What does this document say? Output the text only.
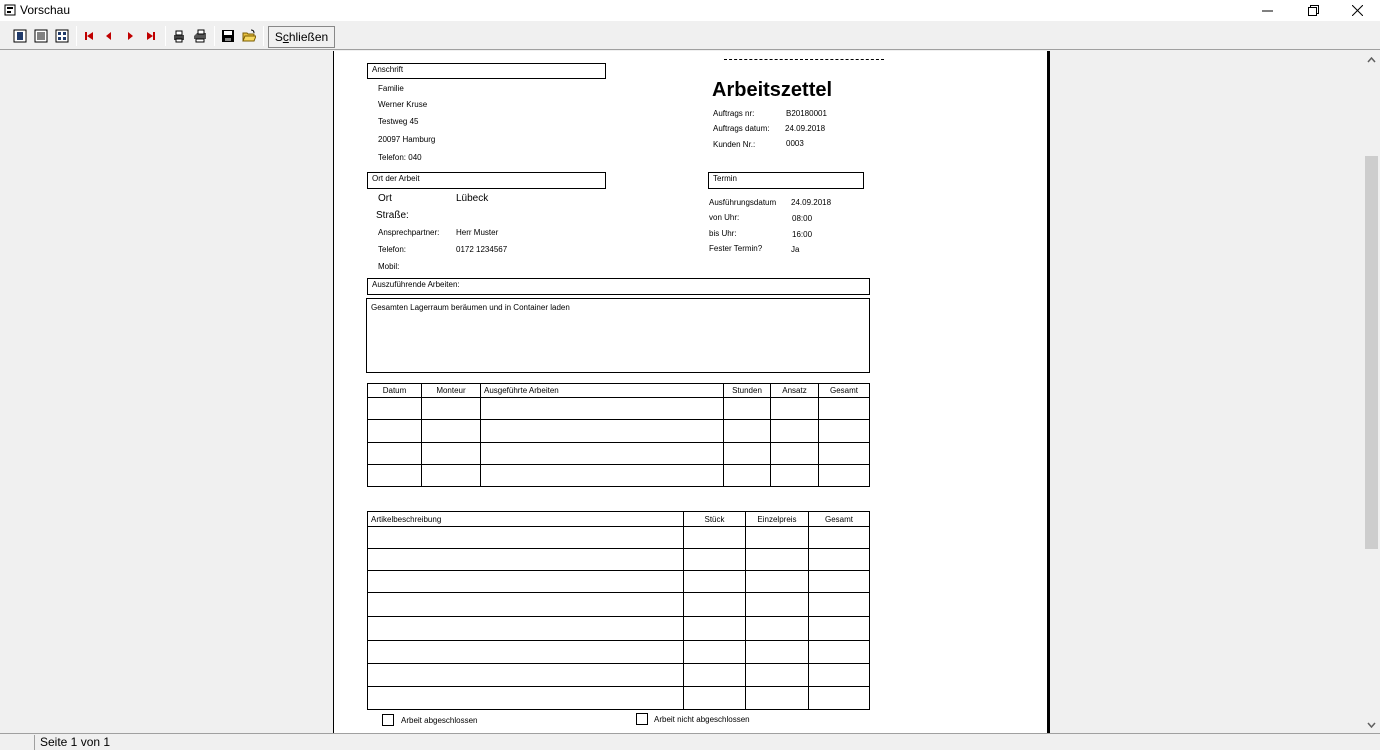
Vorschau
S c hließen
Anschrift
Familie
Werner Kruse
Testweg 45
20097 Hamburg
Telefon: 040
Arbeitszettel
Auftrags nr:	B20180001
Auftrags datum: 24.09.2018
Kunden Nr.:	0003
Ort der Arbeit
Ort	Lübeck
Straße:
Ansprechpartner: Herr Muster
Telefon:	0172 1234567
Mobil:
Termin
Ausführungsdatum 24.09.2018
von Uhr:	08:00
bis Uhr:	16:00
Fester Termin?	Ja
Auszuführende Arbeiten:
Gesamten Lagerraum beräumen und in Container laden
Datum	Monteur	Ausgeführte Arbeiten	Stunden	Ansatz	Gesamt

Artikelbeschreibung	Stück	Einzelpreis	Gesamt

Arbeit abgeschlossen	Arbeit nicht abgeschlossen
Seite 1 von 1
